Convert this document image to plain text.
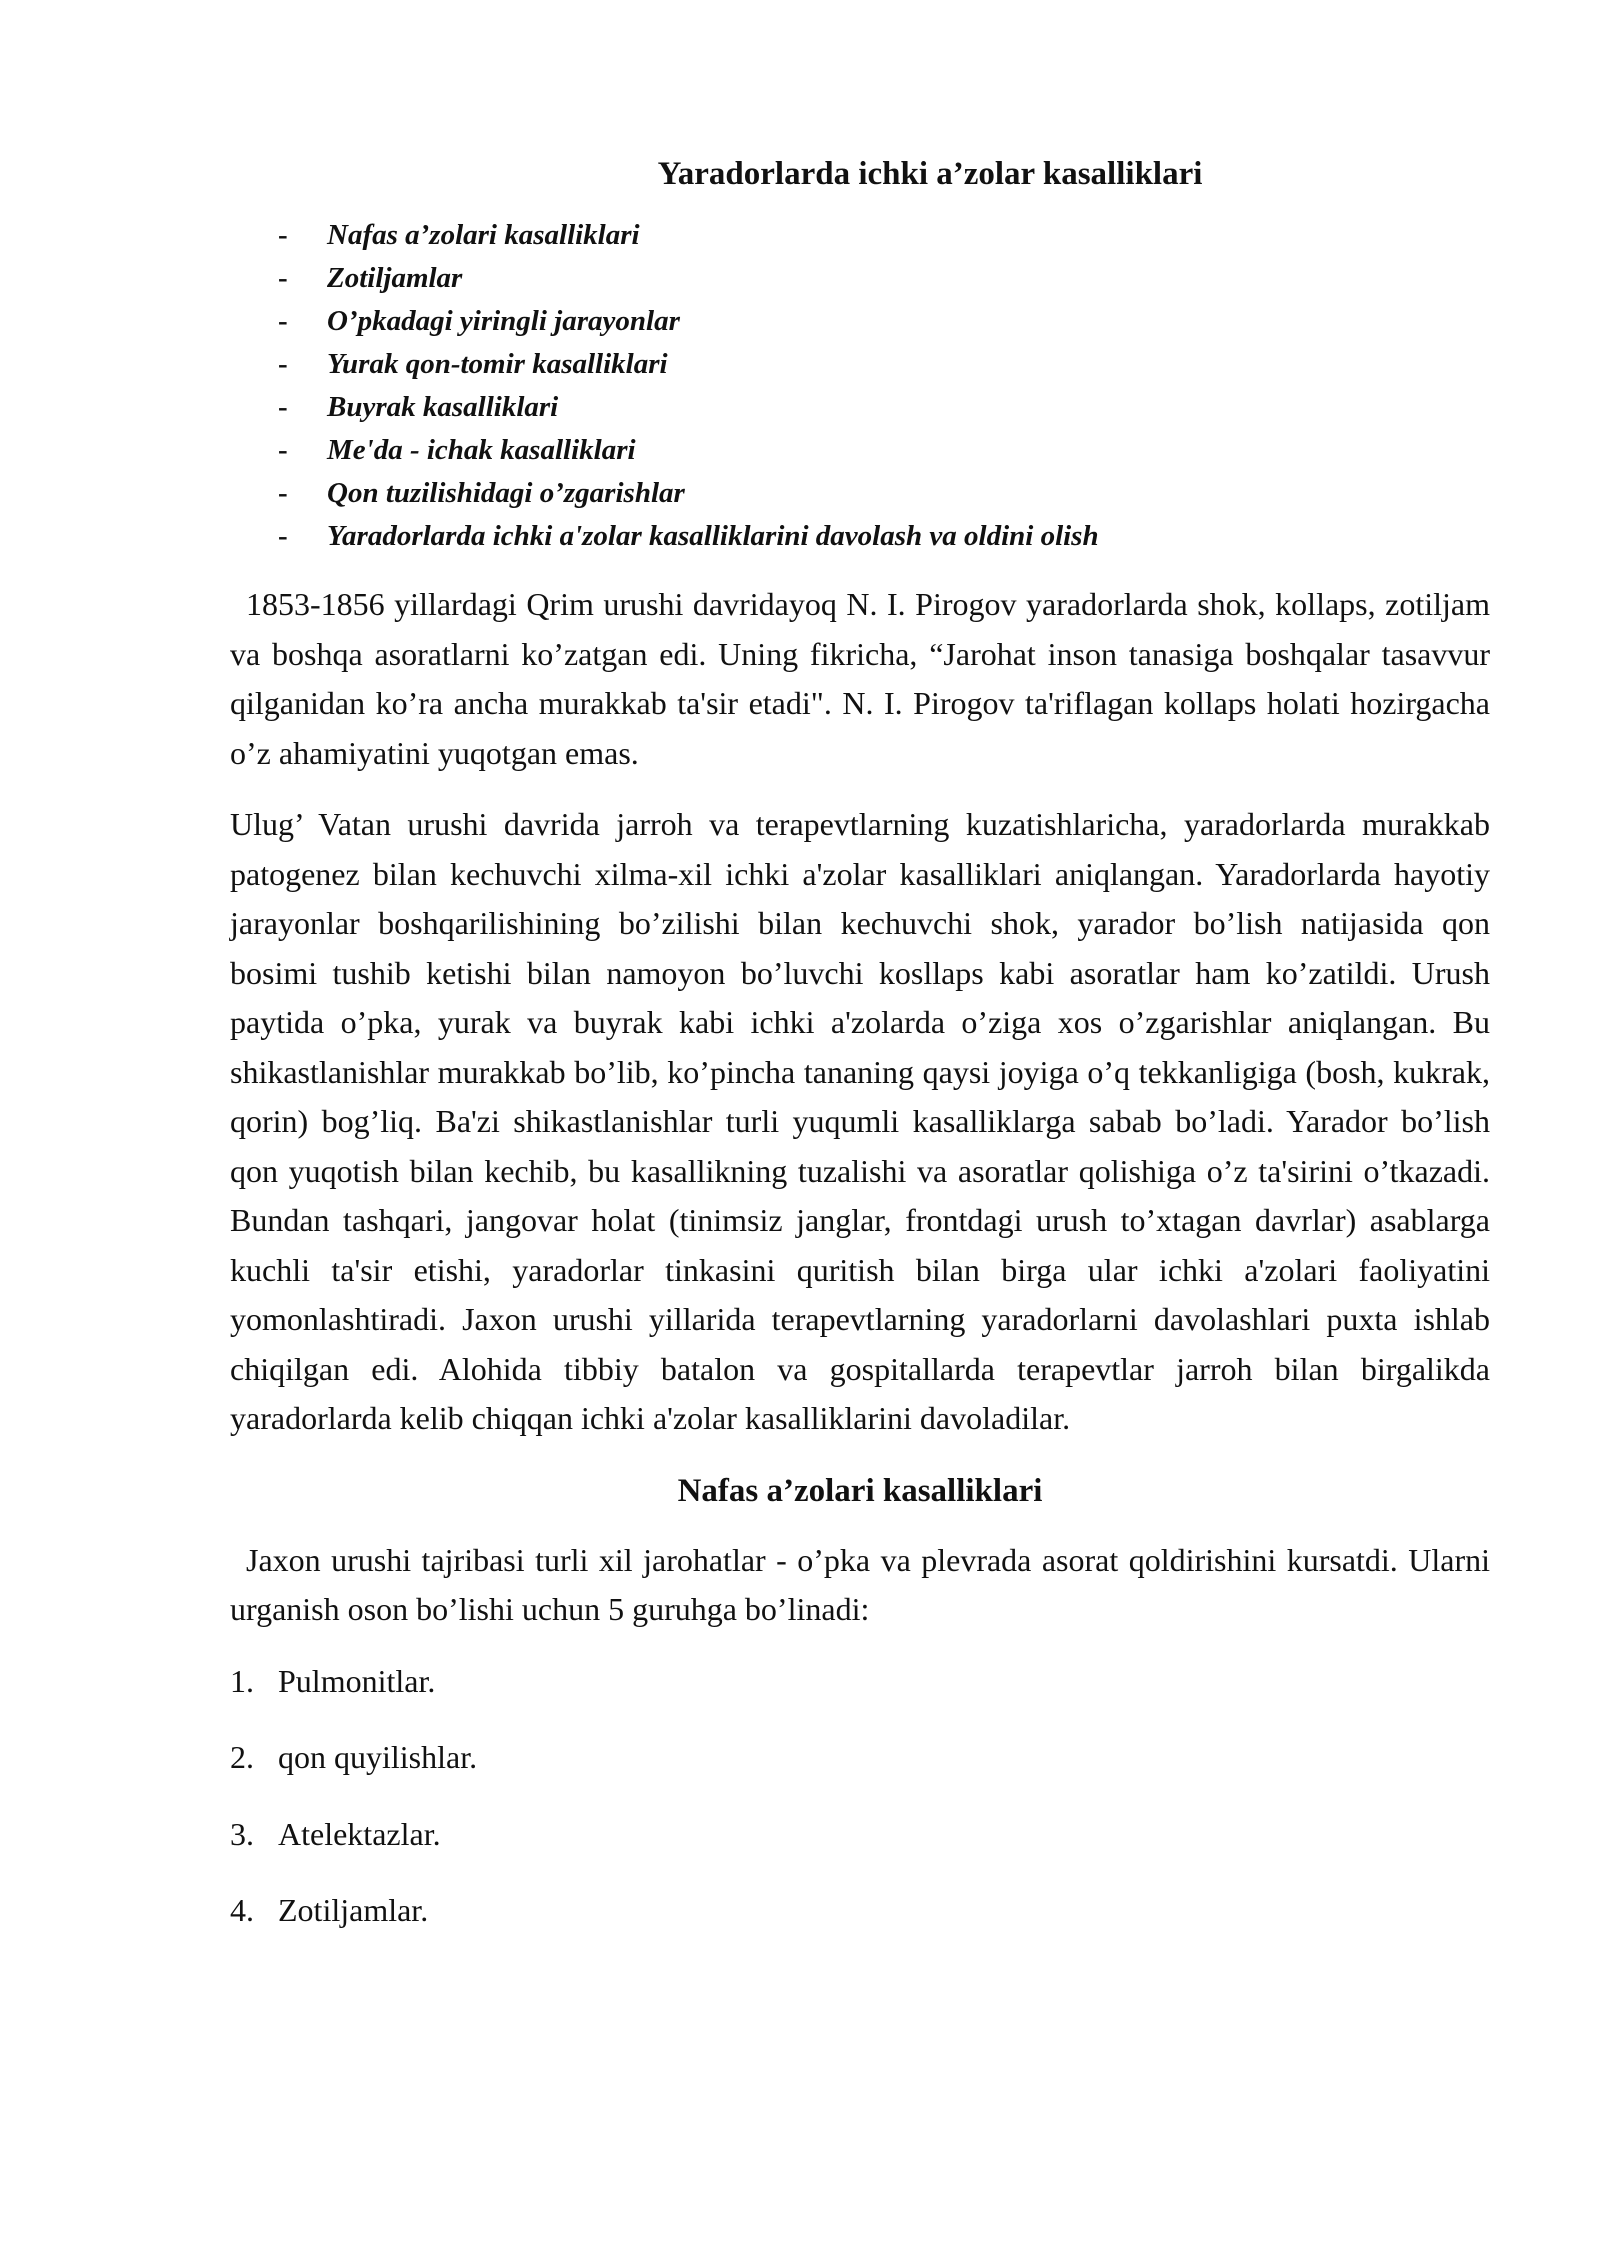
Yaradorlarda ichki a’zolar kasalliklari
- Nafas a’zolari kasalliklari
- Zotiljamlar
- O’pkadagi yiringli jarayonlar
- Yurak qon-tomir kasalliklari
- Buyrak kasalliklari
- Me'da - ichak kasalliklari
- Qon tuzilishidagi o’zgarishlar
- Yaradorlarda ichki a'zolar kasalliklarini davolash va oldini olish

1853-1856 yillardagi Qrim urushi davridayoq N. I. Pirogov yaradorlarda shok, kollaps, zotiljam va boshqa asoratlarni ko’zatgan edi. Uning fikricha, “Jarohat inson tanasiga boshqalar tasavvur qilganidan ko’ra ancha murakkab ta'sir etadi". N. I. Pirogov ta'riflagan kollaps holati hozirgacha o’z ahamiyatini yuqotgan emas.

Ulug’ Vatan urushi davrida jarroh va terapevtlarning kuzatishlaricha, yaradorlarda murakkab patogenez bilan kechuvchi xilma-xil ichki a'zolar kasalliklari aniqlangan. Yaradorlarda hayotiy jarayonlar boshqarilishining bo’zilishi bilan kechuvchi shok, yarador bo’lish natijasida qon bosimi tushib ketishi bilan namoyon bo’luvchi kosllaps kabi asoratlar ham ko’zatildi. Urush paytida o’pka, yurak va buyrak kabi ichki a'zolarda o’ziga xos o’zgarishlar aniqlangan. Bu shikastlanishlar murakkab bo’lib, ko’pincha tananing qaysi joyiga o’q tekkanligiga (bosh, kukrak, qorin) bog’liq. Ba'zi shikastlanishlar turli yuqumli kasalliklarga sabab bo’ladi. Yarador bo’lish qon yuqotish bilan kechib, bu kasallikning tuzalishi va asoratlar qolishiga o’z ta'sirini o’tkazadi. Bundan tashqari, jangovar holat (tinimsiz janglar, frontdagi urush to’xtagan davrlar) asablarga kuchli ta'sir etishi, yaradorlar tinkasini quritish bilan birga ular ichki a'zolari faoliyatini yomonlashtiradi. Jaxon urushi yillarida terapevtlarning yaradorlarni davolashlari puxta ishlab chiqilgan edi. Alohida tibbiy batalon va gospitallarda terapevtlar jarroh bilan birgalikda yaradorlarda kelib chiqqan ichki a'zolar kasalliklarini davoladilar.

Nafas a’zolari kasalliklari

Jaxon urushi tajribasi turli xil jarohatlar - o’pka va plevrada asorat qoldirishini kursatdi. Ularni urganish oson bo’lishi uchun 5 guruhga bo’linadi:

1. Pulmonitlar.
2. qon quyilishlar.
3. Atelektazlar.
4. Zotiljamlar.
